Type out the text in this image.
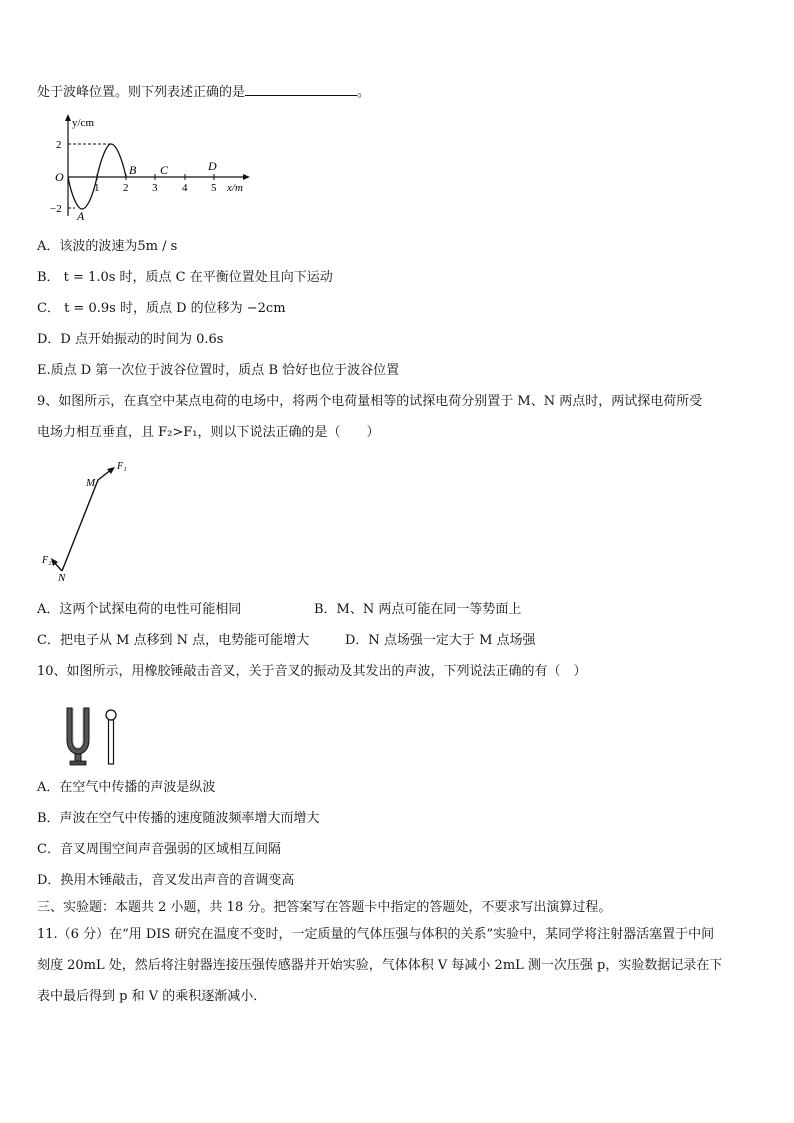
处于波峰位置。则下列表述正确的是	。
y/cm
2
O
−2
1 2 3 4 5 x/m
A
B C	D
A．该波的波速为5m / s
B． t = 1.0s 时，质点 C 在平衡位置处且向下运动
C． t = 0.9s 时，质点 D 的位移为 −2cm
D．D 点开始振动的时间为 0.6s
E.质点 D 第一次位于波谷位置时，质点 B 恰好也位于波谷位置
9、如图所示，在真空中某点电荷的电场中，将两个电荷量相等的试探电荷分别置于 M、N 两点时，两试探电荷所受
电场力相互垂直，且 F₂>F₁，则以下说法正确的是（　　）
F₁
M
F₂
N
A．这两个试探电荷的电性可能相同	B．M、N 两点可能在同一等势面上
C．把电子从 M 点移到 N 点，电势能可能增大	D．N 点场强一定大于 M 点场强
10、如图所示，用橡胶锤敲击音叉，关于音叉的振动及其发出的声波，下列说法正确的有（　）
A．在空气中传播的声波是纵波
B．声波在空气中传播的速度随波频率增大而增大
C．音叉周围空间声音强弱的区域相互间隔
D．换用木锤敲击，音叉发出声音的音调变高
三、实验题：本题共 2 小题，共 18 分。把答案写在答题卡中指定的答题处，不要求写出演算过程。
11.（6 分）在“用 DIS 研究在温度不变时，一定质量的气体压强与体积的关系”实验中，某同学将注射器活塞置于中间
刻度 20mL 处，然后将注射器连接压强传感器并开始实验，气体体积 V 每减小 2mL 测一次压强 p，实验数据记录在下
表中最后得到 p 和 V 的乘积逐渐减小．
